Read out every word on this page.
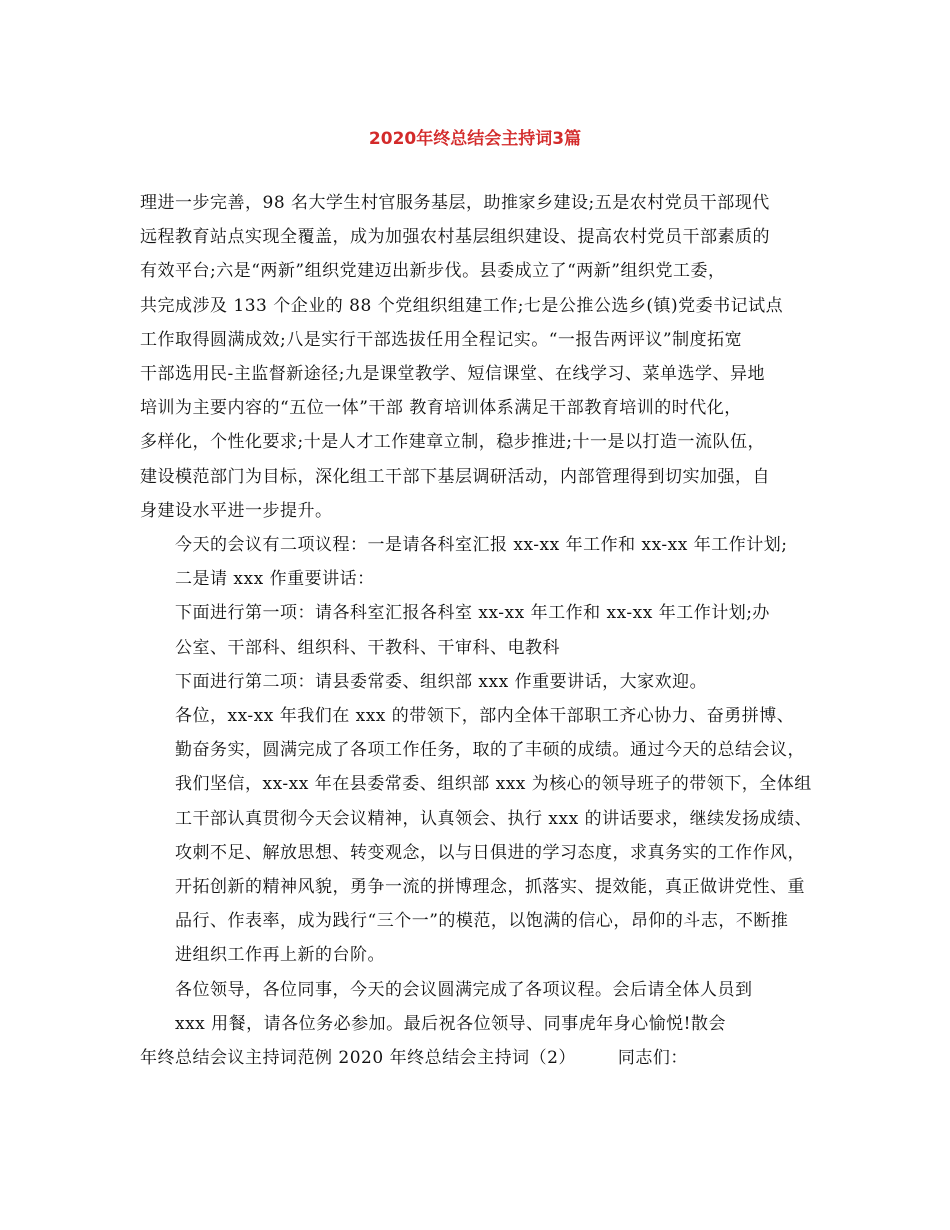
2020年终总结会主持词3篇
理进一步完善，98 名大学生村官服务基层，助推家乡建设;五是农村党员干部现代
远程教育站点实现全覆盖，成为加强农村基层组织建设、提高农村党员干部素质的
有效平台;六是“两新”组织党建迈出新步伐。县委成立了“两新”组织党工委，
共完成涉及 133 个企业的 88 个党组织组建工作;七是公推公选乡(镇)党委书记试点
工作取得圆满成效;八是实行干部选拔任用全程记实。“一报告两评议”制度拓宽
干部选用民-主监督新途径;九是课堂教学、短信课堂、在线学习、菜单选学、异地
培训为主要内容的“五位一体”干部 教育培训体系满足干部教育培训的时代化，
多样化，个性化要求;十是人才工作建章立制，稳步推进;十一是以打造一流队伍，
建设模范部门为目标，深化组工干部下基层调研活动，内部管理得到切实加强，自
身建设水平进一步提升。
今天的会议有二项议程：一是请各科室汇报 xx-xx 年工作和 xx-xx 年工作计划;
二是请 xxx 作重要讲话：
下面进行第一项：请各科室汇报各科室 xx-xx 年工作和 xx-xx 年工作计划;办
公室、干部科、组织科、干教科、干审科、电教科
下面进行第二项：请县委常委、组织部 xxx 作重要讲话，大家欢迎。
各位，xx-xx 年我们在 xxx 的带领下，部内全体干部职工齐心协力、奋勇拼博、
勤奋务实，圆满完成了各项工作任务，取的了丰硕的成绩。通过今天的总结会议，
我们坚信，xx-xx 年在县委常委、组织部 xxx 为核心的领导班子的带领下，全体组
工干部认真贯彻今天会议精神，认真领会、执行 xxx 的讲话要求，继续发扬成绩、
攻刺不足、解放思想、转变观念，以与日俱进的学习态度，求真务实的工作作风，
开拓创新的精神风貌，勇争一流的拼博理念，抓落实、提效能，真正做讲党性、重
品行、作表率，成为践行“三个一”的模范，以饱满的信心，昂仰的斗志，不断推
进组织工作再上新的台阶。
各位领导，各位同事，今天的会议圆满完成了各项议程。会后请全体人员到
xxx 用餐，请各位务必参加。最后祝各位领导、同事虎年身心愉悦!散会
年终总结会议主持词范例 2020 年终总结会主持词（2） 同志们：
